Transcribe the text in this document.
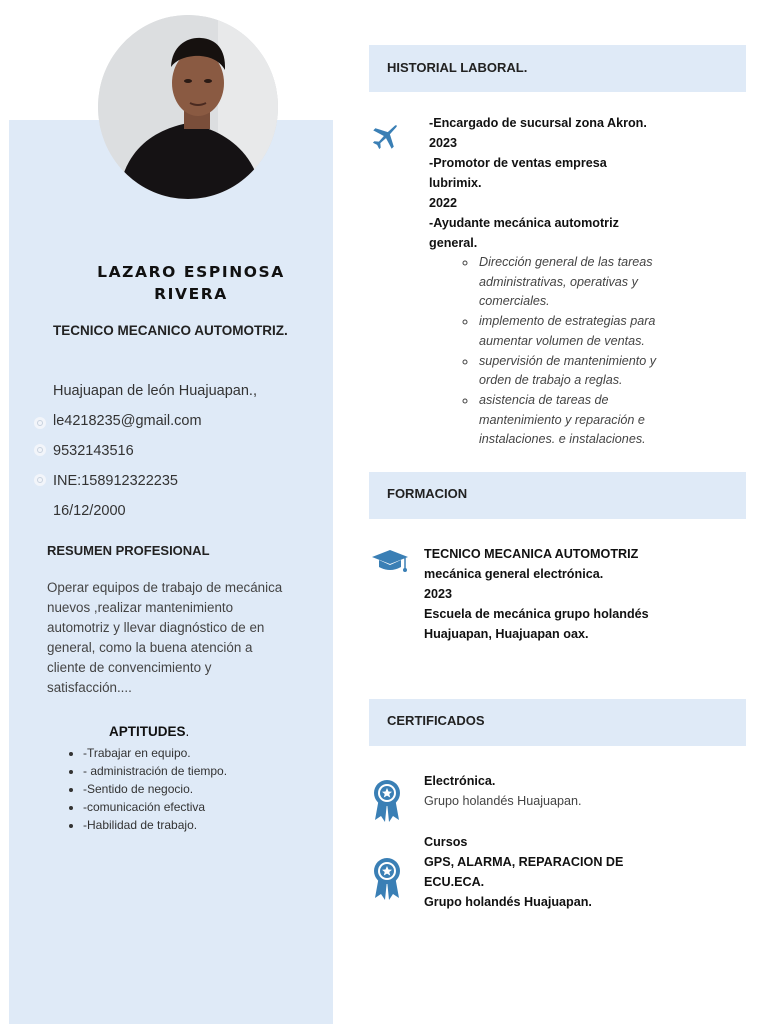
LAZARO ESPINOSA
RIVERA
TECNICO MECANICO AUTOMOTRIZ.
Huajuapan de león Huajuapan.,
le4218235@gmail.com
9532143516
INE:158912322235
16/12/2000
RESUMEN PROFESIONAL
Operar equipos de trabajo de mecánica nuevos ,realizar mantenimiento automotriz y llevar diagnóstico de en general, como la buena atención a cliente de convencimiento y satisfacción....
APTITUDES.
• -Trabajar en equipo.
• - administración de tiempo.
• -Sentido de negocio.
• -comunicación efectiva
• -Habilidad de trabajo.
HISTORIAL LABORAL.
-Encargado de sucursal zona Akron.
2023
-Promotor de ventas empresa
lubrimix.
2022
-Ayudante mecánica automotriz
general.
◦ Dirección general de las tareas administrativas, operativas y comerciales.
◦ implemento de estrategias para aumentar volumen de ventas.
◦ supervisión de mantenimiento y orden de trabajo a reglas.
◦ asistencia de tareas de mantenimiento y reparación e instalaciones. e instalaciones.
FORMACION
TECNICO MECANICA AUTOMOTRIZ
mecánica general electrónica.
2023
Escuela de mecánica grupo holandés
Huajuapan, Huajuapan oax.
CERTIFICADOS
Electrónica.
Grupo holandés Huajuapan.
Cursos
GPS, ALARMA, REPARACION DE
ECU.ECA.
Grupo holandés Huajuapan.
